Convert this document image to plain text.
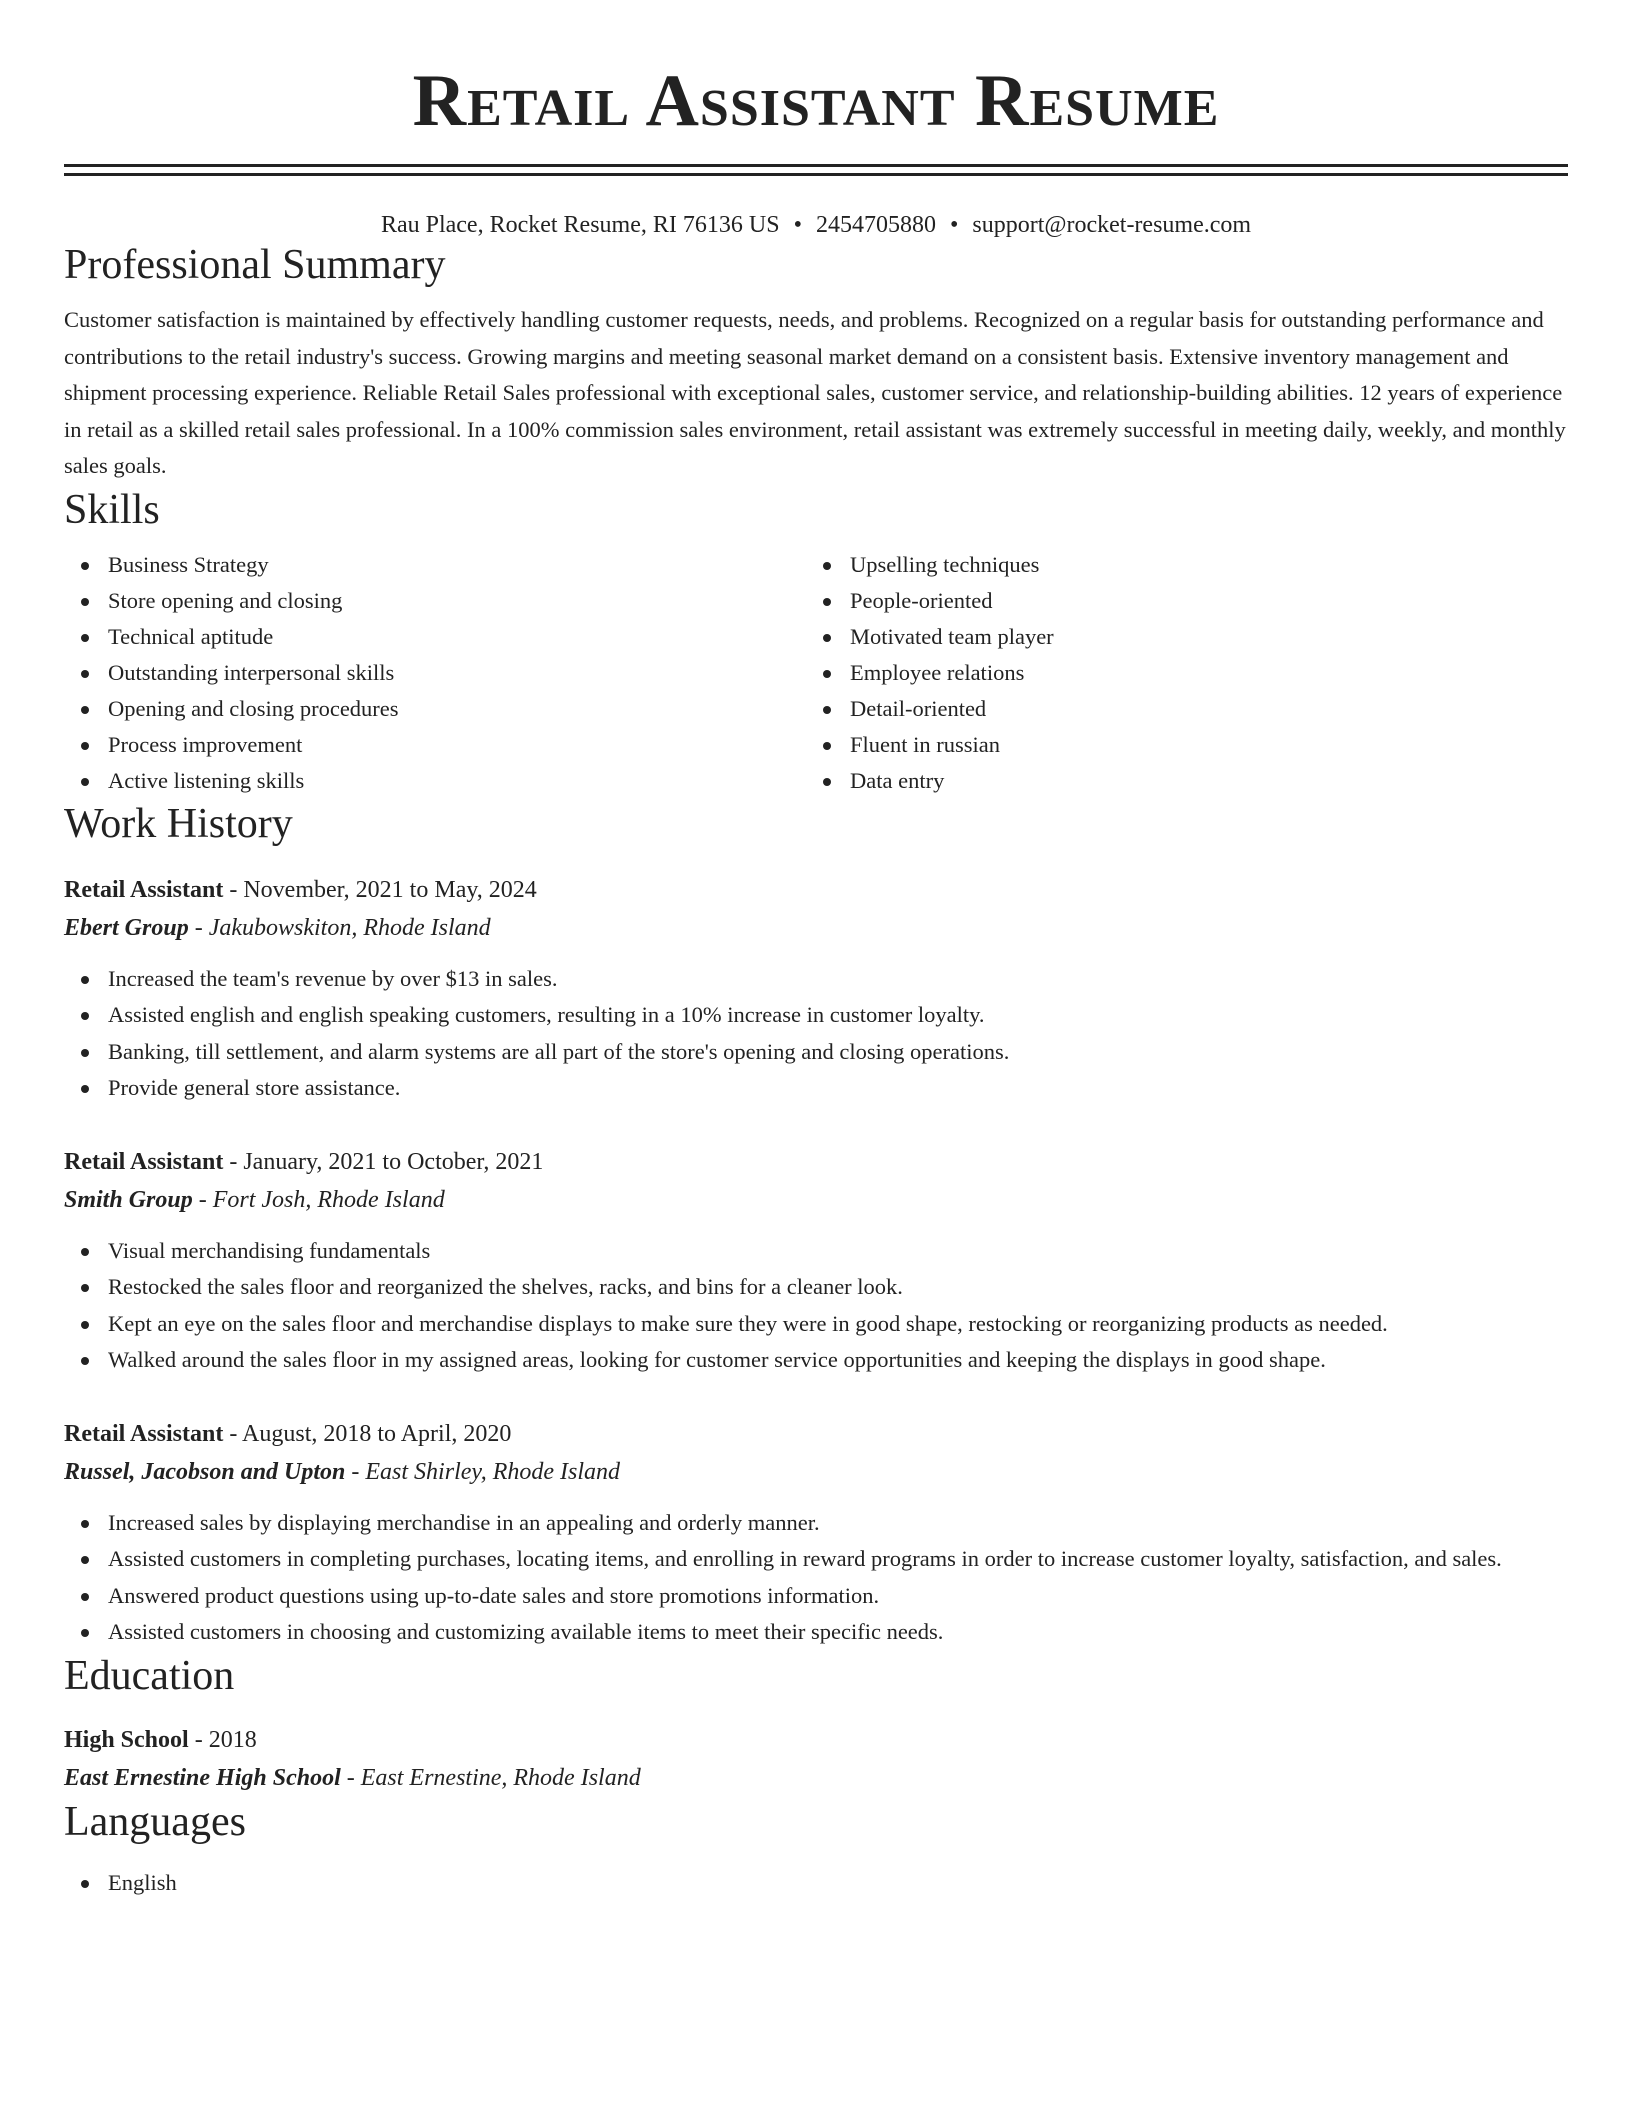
Retail Assistant Resume
Rau Place, Rocket Resume, RI 76136 US • 2454705880 • support@rocket-resume.com
Professional Summary

Customer satisfaction is maintained by effectively handling customer requests, needs, and problems. Recognized on a regular basis for outstanding performance and contributions to the retail industry's success. Growing margins and meeting seasonal market demand on a consistent basis. Extensive inventory management and shipment processing experience. Reliable Retail Sales professional with exceptional sales, customer service, and relationship-building abilities. 12 years of experience in retail as a skilled retail sales professional. In a 100% commission sales environment, retail assistant was extremely successful in meeting daily, weekly, and monthly sales goals.

Skills
Business Strategy
Store opening and closing
Technical aptitude
Outstanding interpersonal skills
Opening and closing procedures
Process improvement
Active listening skills
Upselling techniques
People-oriented
Motivated team player
Employee relations
Detail-oriented
Fluent in russian
Data entry
Work History
Retail Assistant - November, 2021 to May, 2024
Ebert Group - Jakubowskiton, Rhode Island
Increased the team's revenue by over $13 in sales.
Assisted english and english speaking customers, resulting in a 10% increase in customer loyalty.
Banking, till settlement, and alarm systems are all part of the store's opening and closing operations.
Provide general store assistance.
Retail Assistant - January, 2021 to October, 2021
Smith Group - Fort Josh, Rhode Island
Visual merchandising fundamentals
Restocked the sales floor and reorganized the shelves, racks, and bins for a cleaner look.
Kept an eye on the sales floor and merchandise displays to make sure they were in good shape, restocking or reorganizing products as needed.
Walked around the sales floor in my assigned areas, looking for customer service opportunities and keeping the displays in good shape.
Retail Assistant - August, 2018 to April, 2020
Russel, Jacobson and Upton - East Shirley, Rhode Island
Increased sales by displaying merchandise in an appealing and orderly manner.
Assisted customers in completing purchases, locating items, and enrolling in reward programs in order to increase customer loyalty, satisfaction, and sales.
Answered product questions using up-to-date sales and store promotions information.
Assisted customers in choosing and customizing available items to meet their specific needs.
Education
High School - 2018
East Ernestine High School - East Ernestine, Rhode Island
Languages
English
